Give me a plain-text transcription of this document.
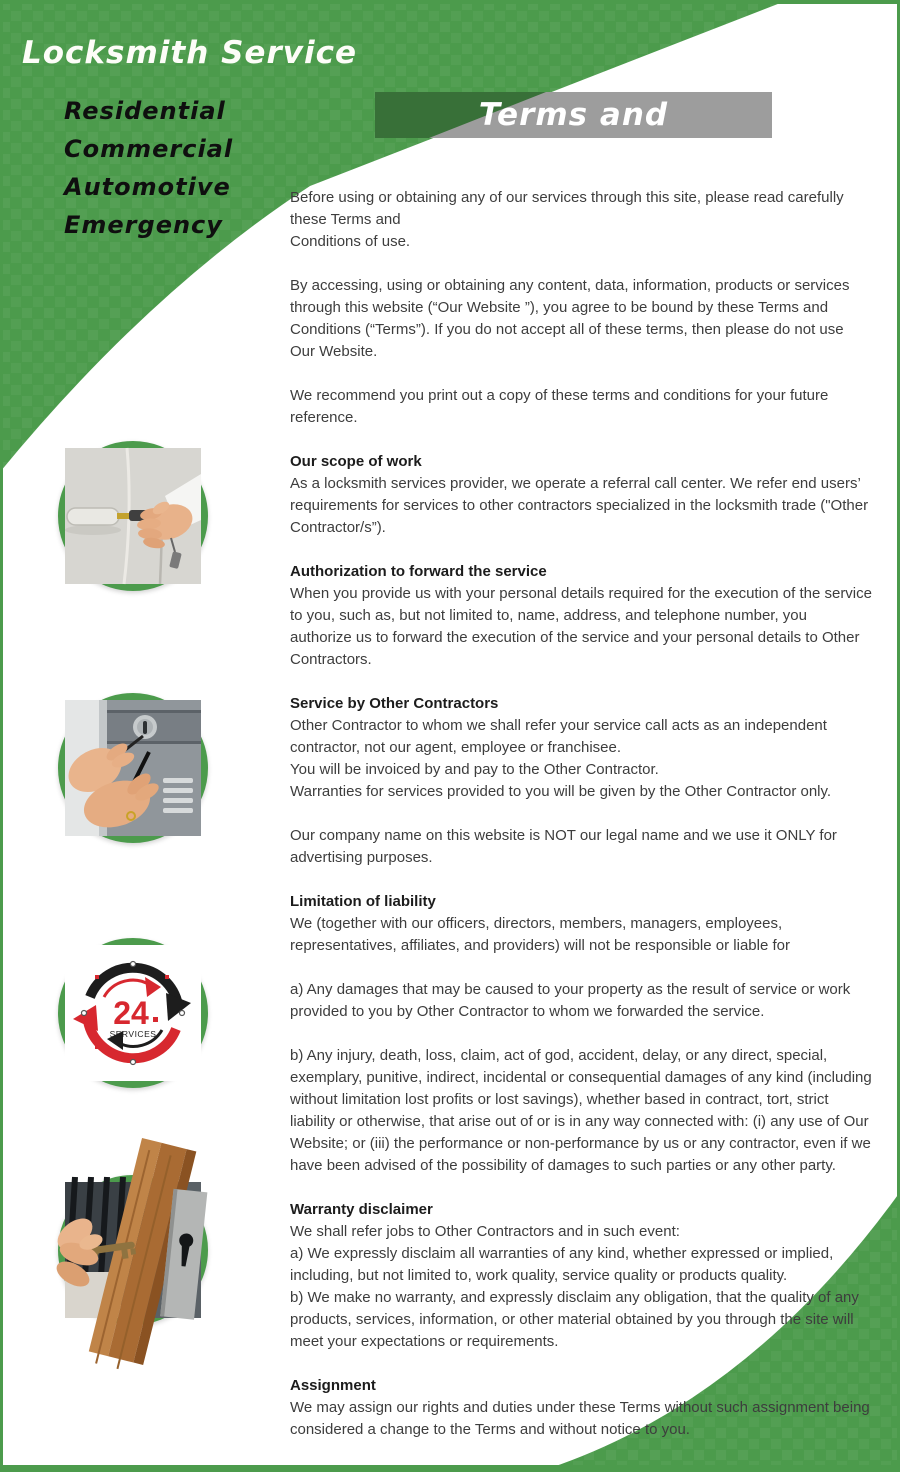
Locksmith Service
Residential
Commercial
Automotive
Emergency
Terms and Conditions
24
SERVICES

Before using or obtaining any of our services through this site, please read carefully these Terms and
Conditions of use.

By accessing, using or obtaining any content, data, information, products or services through this website (“Our Website ”), you agree to be bound by these Terms and Conditions (“Terms”). If you do not accept all of these terms, then please do not use Our Website.

We recommend you print out a copy of these terms and conditions for your future reference.

Our scope of work

As a locksmith services provider, we operate a referral call center. We refer end users’ requirements for services to other contractors specialized in the locksmith trade ("Other Contractor/s”).

Authorization to forward the service

When you provide us with your personal details required for the execution of the service to you, such as, but not limited to, name, address, and telephone number, you authorize us to forward the execution of the service and your personal details to Other Contractors.

Service by Other Contractors

Other Contractor to whom we shall refer your service call acts as an independent contractor, not our agent, employee or franchisee.
You will be invoiced by and pay to the Other Contractor.
Warranties for services provided to you will be given by the Other Contractor only.

Our company name on this website is NOT our legal name and we use it ONLY for advertising purposes.

Limitation of liability

We (together with our officers, directors, members, managers, employees, representatives, affiliates, and providers) will not be responsible or liable for

a) Any damages that may be caused to your property as the result of service or work provided to you by Other Contractor to whom we forwarded the service.

b) Any injury, death, loss, claim, act of god, accident, delay, or any direct, special, exemplary, punitive, indirect, incidental or consequential damages of any kind (including without limitation lost profits or lost savings), whether based in contract, tort, strict liability or otherwise, that arise out of or is in any way connected with: (i) any use of Our Website; or (iii) the performance or non-performance by us or any contractor, even if we have been advised of the possibility of damages to such parties or any other party.

Warranty disclaimer

We shall refer jobs to Other Contractors and in such event:
a) We expressly disclaim all warranties of any kind, whether expressed or implied, including, but not limited to, work quality, service quality or products quality.
b) We make no warranty, and expressly disclaim any obligation, that the quality of any products, services, information, or other material obtained by you through the site will meet your expectations or requirements.

Assignment

We may assign our rights and duties under these Terms without such assignment being considered a change to the Terms and without notice to you.
